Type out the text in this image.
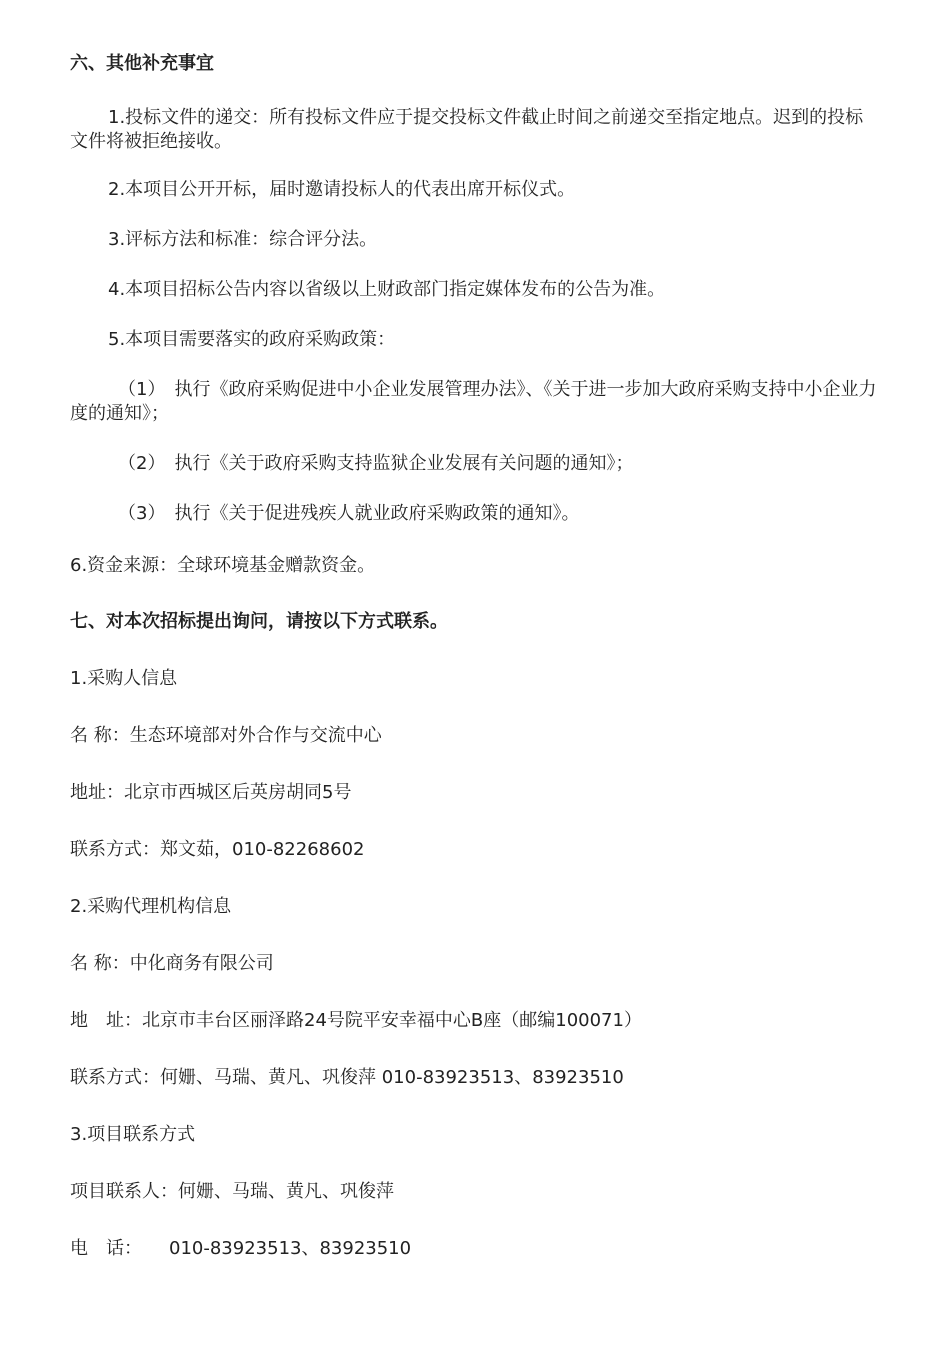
六、其他补充事宜

1.投标文件的递交：所有投标文件应于提交投标文件截止时间之前递交至指定地点。迟到的投标文件将被拒绝接收。

2.本项目公开开标，届时邀请投标人的代表出席开标仪式。

3.评标方法和标准：综合评分法。

4.本项目招标公告内容以省级以上财政部门指定媒体发布的公告为准。

5.本项目需要落实的政府采购政策：

（1）　执行《政府采购促进中小企业发展管理办法》、《关于进一步加大政府采购支持中小企业力度的通知》；

（2）　执行《关于政府采购支持监狱企业发展有关问题的通知》；

（3）　执行《关于促进残疾人就业政府采购政策的通知》。

6.资金来源：全球环境基金赠款资金。

七、对本次招标提出询问，请按以下方式联系。

1.采购人信息

名 称：生态环境部对外合作与交流中心

地址：北京市西城区后英房胡同5号

联系方式：郑文茹，010-82268602

2.采购代理机构信息

名 称：中化商务有限公司

地　址：北京市丰台区丽泽路24号院平安幸福中心B座（邮编100071）

联系方式：何姗、马瑞、黄凡、巩俊萍 010-83923513、83923510

3.项目联系方式

项目联系人：何姗、马瑞、黄凡、巩俊萍

电　话：　　010-83923513、83923510
